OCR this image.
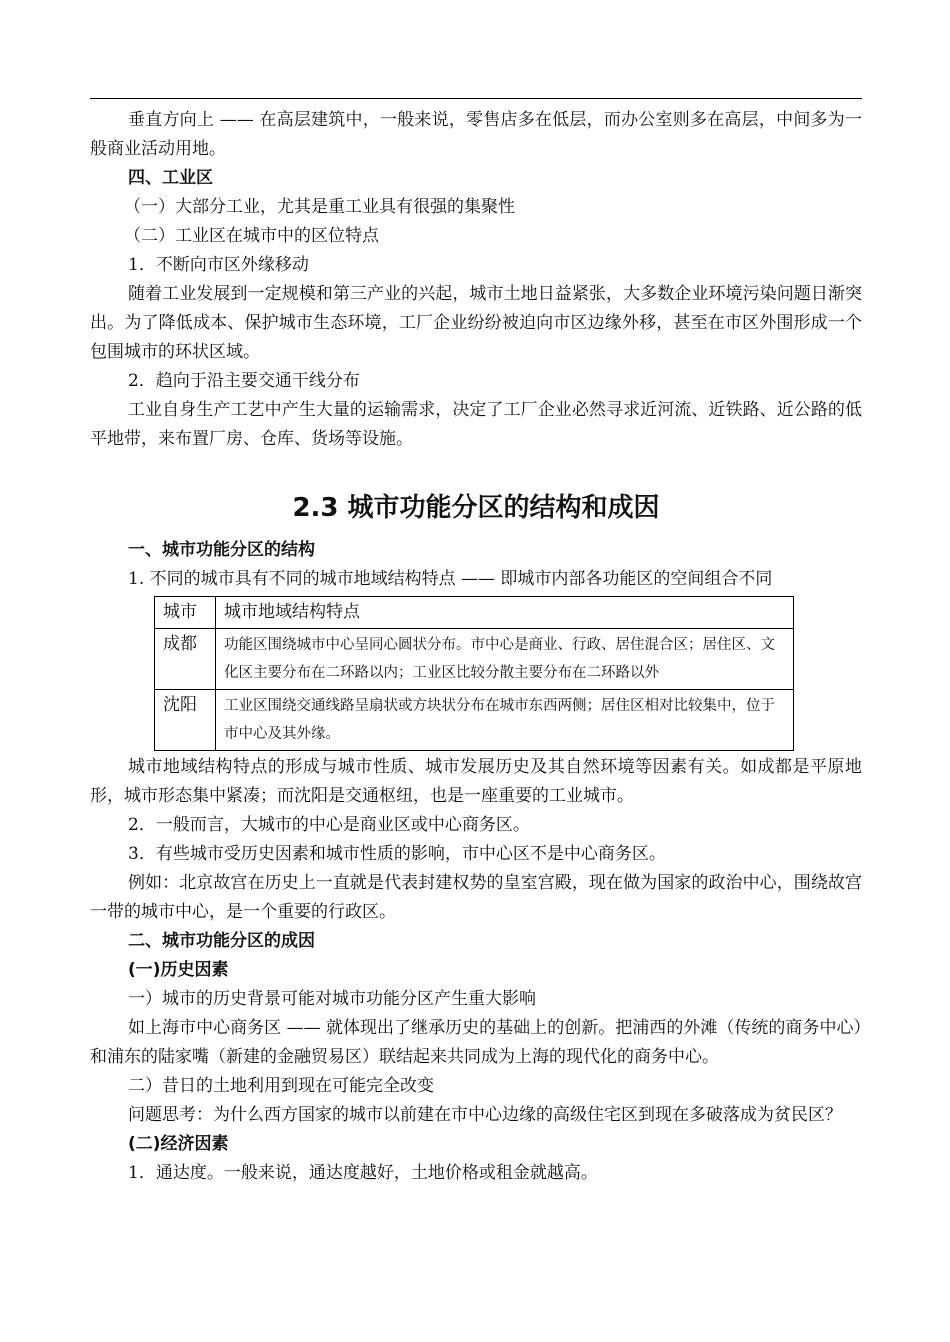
垂直方向上 —— 在高层建筑中，一般来说，零售店多在低层，而办公室则多在高层，中间多为一般商业活动用地。

四、工业区

（一）大部分工业，尤其是重工业具有很强的集聚性

（二）工业区在城市中的区位特点

1．不断向市区外缘移动

随着工业发展到一定规模和第三产业的兴起，城市土地日益紧张，大多数企业环境污染问题日渐突出。为了降低成本、保护城市生态环境，工厂企业纷纷被迫向市区边缘外移，甚至在市区外围形成一个包围城市的环状区域。

2．趋向于沿主要交通干线分布

工业自身生产工艺中产生大量的运输需求，决定了工厂企业必然寻求近河流、近铁路、近公路的低平地带，来布置厂房、仓库、货场等设施。

2.3 城市功能分区的结构和成因

一、城市功能分区的结构

1. 不同的城市具有不同的城市地域结构特点 —— 即城市内部各功能区的空间组合不同

城市	城市地域结构特点
成都	功能区围绕城市中心呈同心圆状分布。市中心是商业、行政、居住混合区；居住区、文化区主要分布在二环路以内；工业区比较分散主要分布在二环路以外
沈阳	工业区围绕交通线路呈扇状或方块状分布在城市东西两侧；居住区相对比较集中，位于市中心及其外缘。

城市地域结构特点的形成与城市性质、城市发展历史及其自然环境等因素有关。如成都是平原地形，城市形态集中紧凑；而沈阳是交通枢纽，也是一座重要的工业城市。

2．一般而言，大城市的中心是商业区或中心商务区。

3．有些城市受历史因素和城市性质的影响，市中心区不是中心商务区。

例如：北京故宫在历史上一直就是代表封建权势的皇室宫殿，现在做为国家的政治中心，围绕故宫一带的城市中心，是一个重要的行政区。

二、城市功能分区的成因

(一)历史因素

一）城市的历史背景可能对城市功能分区产生重大影响

如上海市中心商务区 —— 就体现出了继承历史的基础上的创新。把浦西的外滩（传统的商务中心）和浦东的陆家嘴（新建的金融贸易区）联结起来共同成为上海的现代化的商务中心。

二）昔日的土地利用到现在可能完全改变

问题思考：为什么西方国家的城市以前建在市中心边缘的高级住宅区到现在多破落成为贫民区？

(二)经济因素

1．通达度。一般来说，通达度越好，土地价格或租金就越高。
